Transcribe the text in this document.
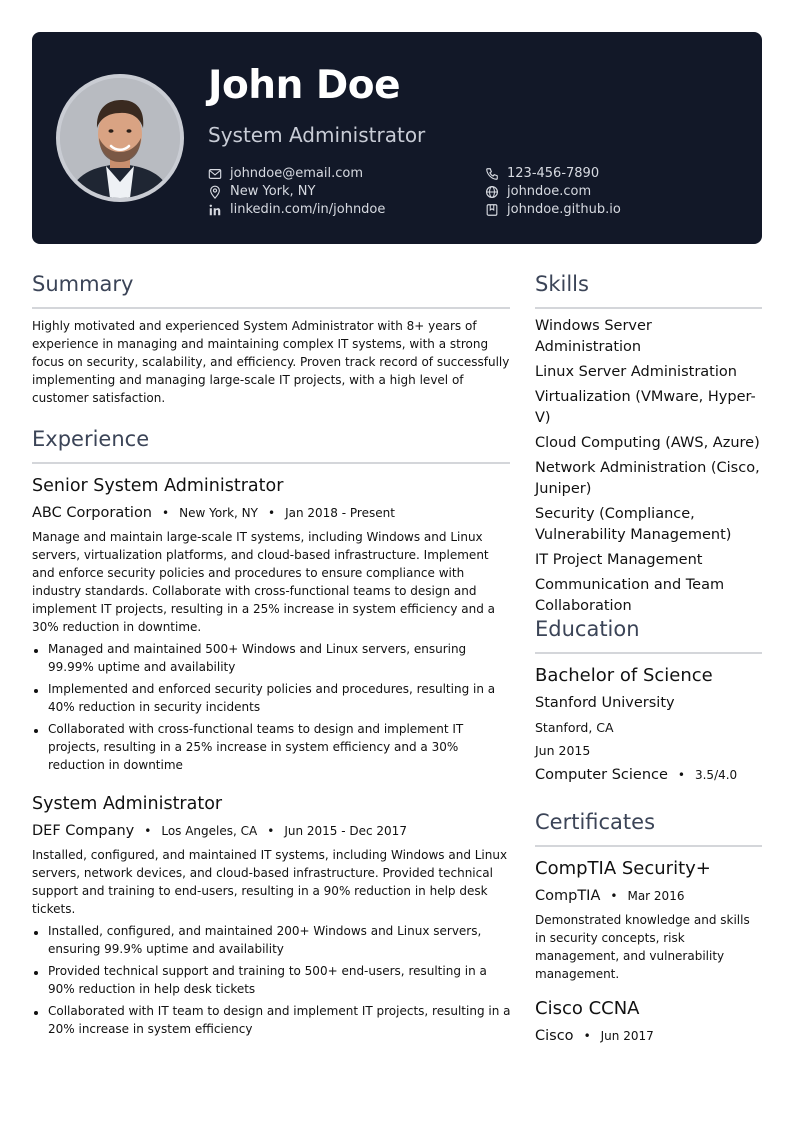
John Doe
System Administrator
johndoe@email.com
New York, NY
linkedin.com/in/johndoe
123-456-7890
johndoe.com
johndoe.github.io
Summary
Highly motivated and experienced System Administrator with 8+ years of experience in managing and maintaining complex IT systems, with a strong focus on security, scalability, and efficiency. Proven track record of successfully implementing and managing large-scale IT projects, with a high level of customer satisfaction.
Experience
Senior System Administrator
ABC Corporation • New York, NY • Jan 2018 - Present
Manage and maintain large-scale IT systems, including Windows and Linux servers, virtualization platforms, and cloud-based infrastructure. Implement and enforce security policies and procedures to ensure compliance with industry standards. Collaborate with cross-functional teams to design and implement IT projects, resulting in a 25% increase in system efficiency and a 30% reduction in downtime.
Managed and maintained 500+ Windows and Linux servers, ensuring 99.99% uptime and availability
Implemented and enforced security policies and procedures, resulting in a 40% reduction in security incidents
Collaborated with cross-functional teams to design and implement IT projects, resulting in a 25% increase in system efficiency and a 30% reduction in downtime
System Administrator
DEF Company • Los Angeles, CA • Jun 2015 - Dec 2017
Installed, configured, and maintained IT systems, including Windows and Linux servers, network devices, and cloud-based infrastructure. Provided technical support and training to end-users, resulting in a 90% reduction in help desk tickets.
Installed, configured, and maintained 200+ Windows and Linux servers, ensuring 99.9% uptime and availability
Provided technical support and training to 500+ end-users, resulting in a 90% reduction in help desk tickets
Collaborated with IT team to design and implement IT projects, resulting in a 20% increase in system efficiency
Skills
Windows Server Administration
Linux Server Administration
Virtualization (VMware, Hyper-V)
Cloud Computing (AWS, Azure)
Network Administration (Cisco, Juniper)
Security (Compliance, Vulnerability Management)
IT Project Management
Communication and Team Collaboration
Education
Bachelor of Science
Stanford University
Stanford, CA
Jun 2015
Computer Science • 3.5/4.0
Certificates
CompTIA Security+
CompTIA • Mar 2016
Demonstrated knowledge and skills in security concepts, risk management, and vulnerability management.
Cisco CCNA
Cisco • Jun 2017
